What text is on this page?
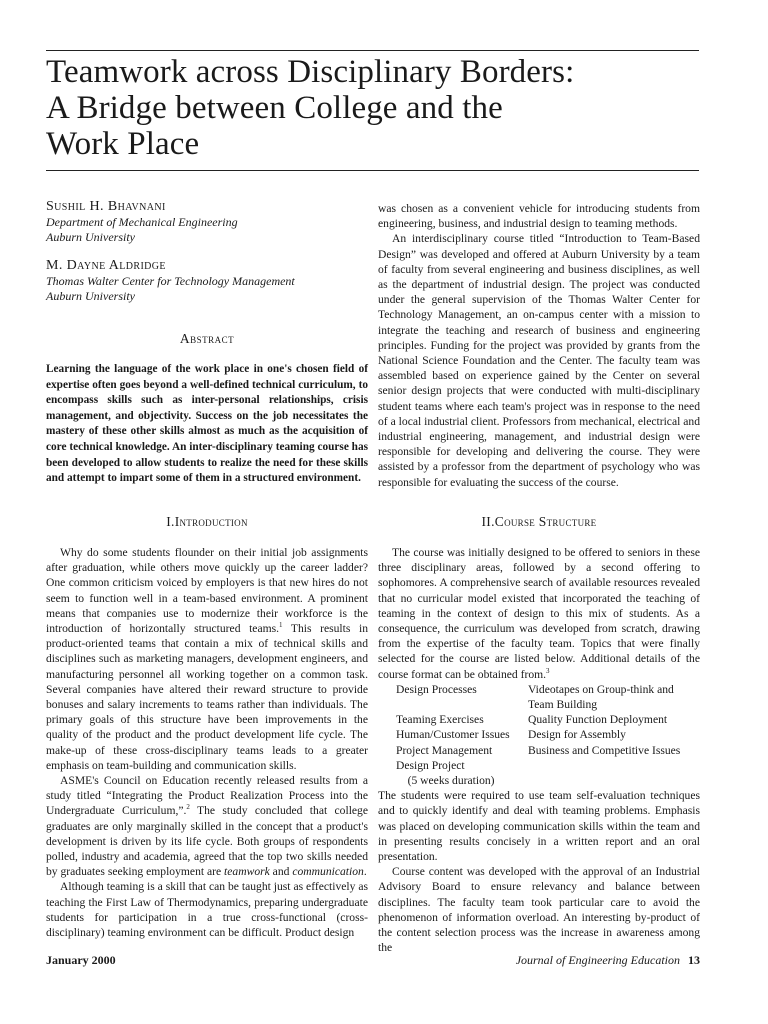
Teamwork across Disciplinary Borders:
A Bridge between College and the
Work Place
Sushil H. Bhavnani
Department of Mechanical Engineering
Auburn University
M. Dayne Aldridge
Thomas Walter Center for Technology Management
Auburn University
Abstract

Learning the language of the work place in one's chosen field of expertise often goes beyond a well-defined technical curriculum, to encompass skills such as inter-personal relationships, crisis management, and objectivity. Success on the job necessitates the mastery of these other skills almost as much as the acquisition of core technical knowledge. An inter-disciplinary teaming course has been developed to allow students to realize the need for these skills and attempt to impart some of them in a structured environment.

was chosen as a convenient vehicle for introducing students from engineering, business, and industrial design to teaming methods.

An interdisciplinary course titled “Introduction to Team-Based Design” was developed and offered at Auburn University by a team of faculty from several engineering and business disciplines, as well as the department of industrial design. The project was conducted under the general supervision of the Thomas Walter Center for Technology Management, an on-campus center with a mission to integrate the teaching and research of business and engineering principles. Funding for the project was provided by grants from the National Science Foundation and the Center. The faculty team was assembled based on experience gained by the Center on several senior design projects that were conducted with multi-disciplinary student teams where each team's project was in response to the need of a local industrial client. Professors from mechanical, electrical and industrial engineering, management, and industrial design were responsible for developing and delivering the course. They were assisted by a professor from the department of psychology who was responsible for evaluating the success of the course.

I.Introduction

Why do some students flounder on their initial job assignments after graduation, while others move quickly up the career ladder? One common criticism voiced by employers is that new hires do not seem to function well in a team-based environment. A prominent means that companies use to modernize their workforce is the introduction of horizontally structured teams.$^1$ This results in product-oriented teams that contain a mix of technical skills and disciplines such as marketing managers, development engineers, and manufacturing personnel all working together on a common task. Several companies have altered their reward structure to provide bonuses and salary increments to teams rather than individuals. The primary goals of this structure have been improvements in the quality of the product and the product development life cycle. The make-up of these cross-disciplinary teams leads to a greater emphasis on team-building and communication skills.

ASME's Council on Education recently released results from a study titled “Integrating the Product Realization Process into the Undergraduate Curriculum,”.$^2$ The study concluded that college graduates are only marginally skilled in the concept that a product's development is driven by its life cycle. Both groups of respondents polled, industry and academia, agreed that the top two skills needed by graduates seeking employment are teamwork and communication.

Although teaming is a skill that can be taught just as effectively as teaching the First Law of Thermodynamics, preparing undergraduate students for participation in a true cross-functional (cross-disciplinary) teaming environment can be difficult. Product design

II.Course Structure

The course was initially designed to be offered to seniors in these three disciplinary areas, followed by a second offering to sophomores. A comprehensive search of available resources revealed that no curricular model existed that incorporated the teaching of teaming in the context of design to this mix of students. As a consequence, the curriculum was developed from scratch, drawing from the expertise of the faculty team. Topics that were finally selected for the course are listed below. Additional details of the course format can be obtained from.$^3$

Design Processes	Videotapes on Group-think and
Team Building
Teaming Exercises	Quality Function Deployment
Human/Customer Issues	Design for Assembly
Project Management	Business and Competitive Issues
Design Project
(5 weeks duration)

The students were required to use team self-evaluation techniques and to quickly identify and deal with teaming problems. Emphasis was placed on developing communication skills within the team and in presenting results concisely in a written report and an oral presentation.

Course content was developed with the approval of an Industrial Advisory Board to ensure relevancy and balance between disciplines. The faculty team took particular care to avoid the phenomenon of information overload. An interesting by-product of the content selection process was the increase in awareness among the

January 2000	Journal of Engineering Education 13
